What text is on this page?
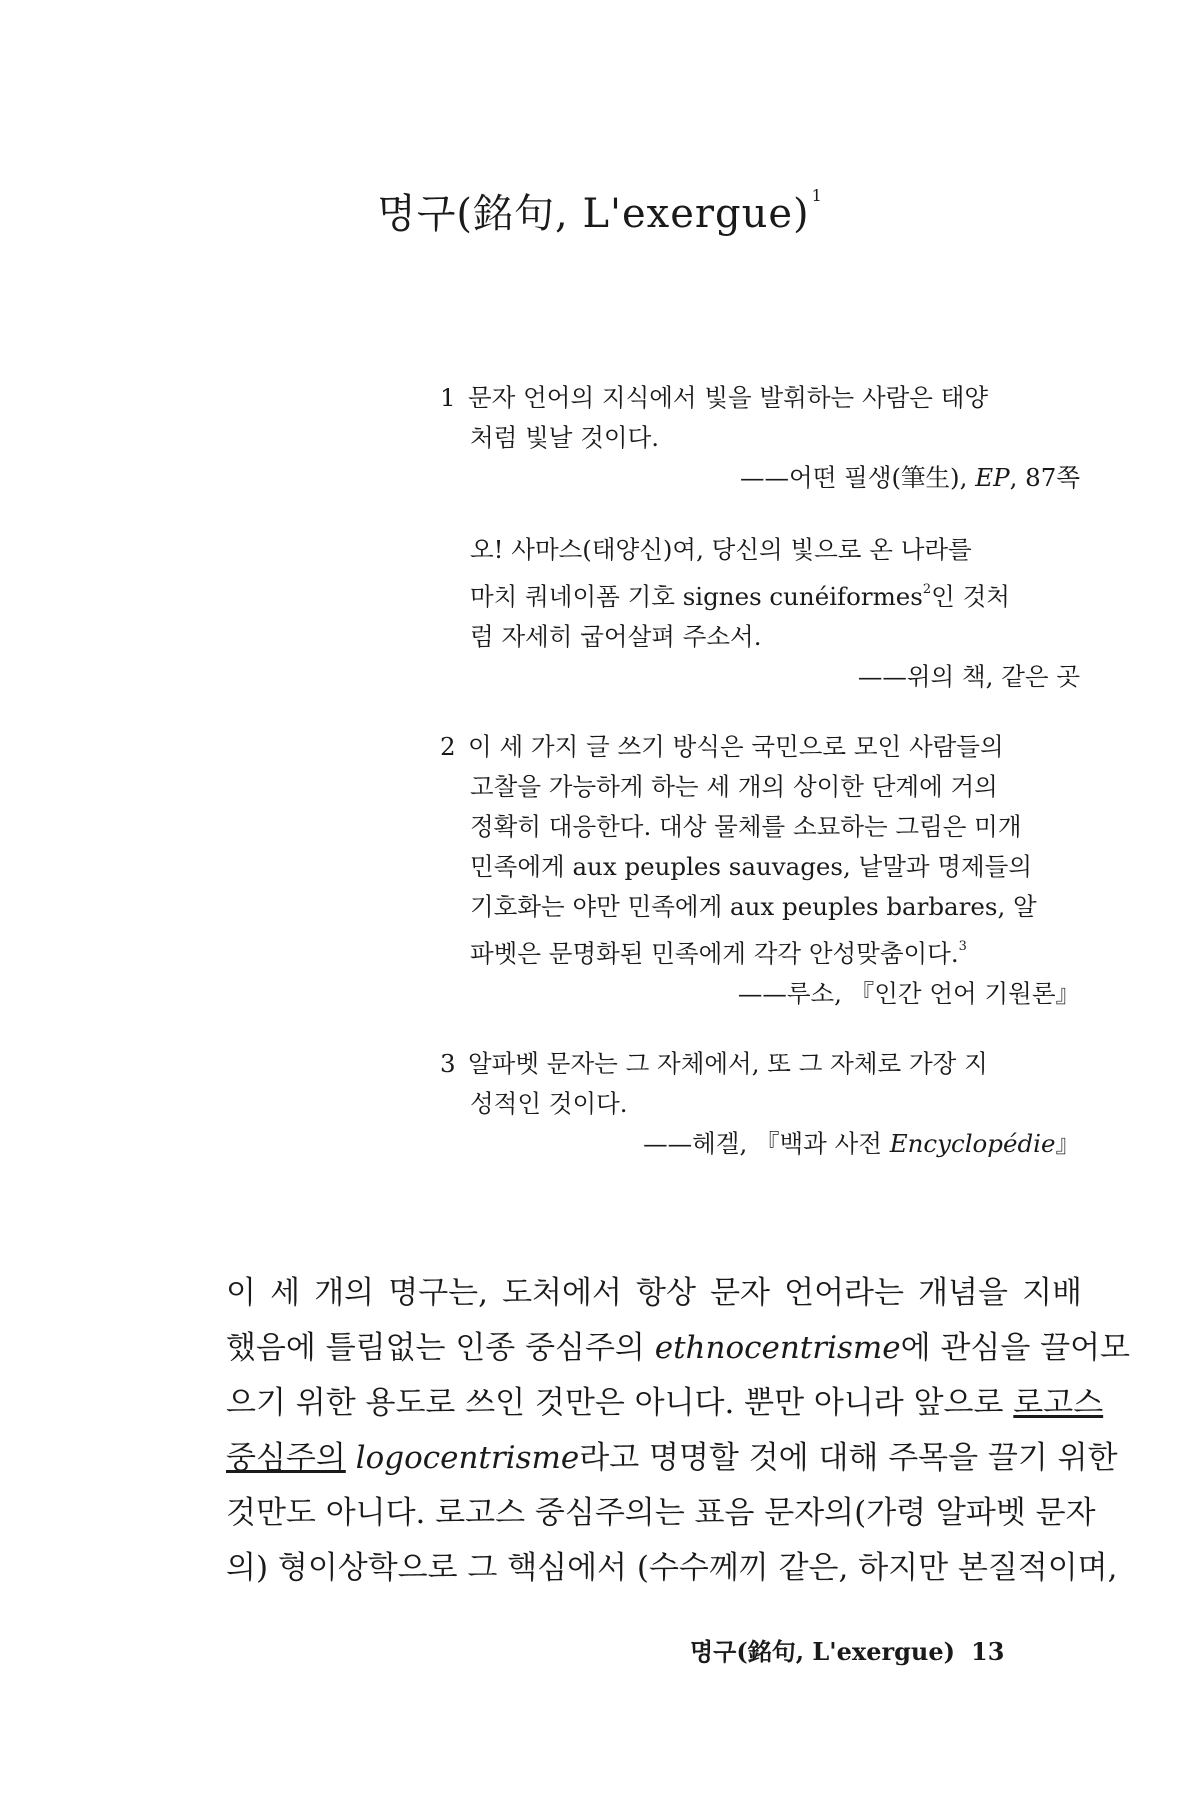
명구(銘句, L'exergue) $^1$
1 문자 언어의 지식에서 빛을 발휘하는 사람은 태양
처럼 빛날 것이다.
——어떤 필생(筆生), EP, 87쪽
오! 사마스(태양신)여, 당신의 빛으로 온 나라를
마치 쿼네이폼 기호 signes cunéiformes$^2$인 것처
럼 자세히 굽어살펴 주소서.
——위의 책, 같은 곳
2 이 세 가지 글 쓰기 방식은 국민으로 모인 사람들의
고찰을 가능하게 하는 세 개의 상이한 단계에 거의
정확히 대응한다. 대상 물체를 소묘하는 그림은 미개
민족에게 aux peuples sauvages, 낱말과 명제들의
기호화는 야만 민족에게 aux peuples barbares, 알
파벳은 문명화된 민족에게 각각 안성맞춤이다.$^3$
——루소, 『인간 언어 기원론』
3 알파벳 문자는 그 자체에서, 또 그 자체로 가장 지
성적인 것이다.
——헤겔, 『백과 사전 Encyclopédie』
이 세 개의 명구는, 도처에서 항상 문자 언어라는 개념을 지배
했음에 틀림없는 인종 중심주의 ethnocentrisme에 관심을 끌어모
으기 위한 용도로 쓰인 것만은 아니다. 뿐만 아니라 앞으로 로고스
중심주의 logocentrisme라고 명명할 것에 대해 주목을 끌기 위한
것만도 아니다. 로고스 중심주의는 표음 문자의(가령 알파벳 문자
의) 형이상학으로 그 핵심에서 (수수께끼 같은, 하지만 본질적이며,
명구(銘句, L'exergue) 13
